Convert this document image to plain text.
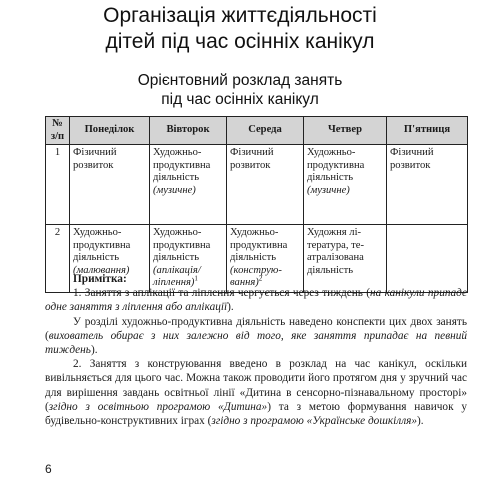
Організація життєдіяльності
дітей під час осінніх канікул
Орієнтовний розклад занять
під час осінніх канікул
№
з/п	Понеділок	Вівторок	Середа	Четвер	П'ятниця
1	Фізичний
розвиток	Художньо-
продуктивна
діяльність
(музичне)	Фізичний
розвиток	Художньо-
продуктивна
діяльність
(музичне)	Фізичний
розвиток

2	Художньо-
продуктивна
діяльність
(малювання)	Художньо-
продуктивна
діяльність
(аплікація/
ліплення)$^1$	Художньо-
продуктивна
діяльність
(конструю-
вання)$^2$	Художня лі-
тература, те-
атралізована
діяльність	

Примітка:

1. Заняття з аплікації та ліплення чергується через тиждень (на канікули припаде одне заняття з ліплення або аплікації).

У розділі художньо-продуктивна діяльність наведено конспекти цих двох занять (вихователь обирає з них залежно від того, яке заняття припадає на певний тиждень).

2. Заняття з конструювання введено в розклад на час канікул, оскільки вивільняється для цього час. Можна також проводити його протягом дня у зручний час для вирішення завдань освітньої лінії «Дитина в сенсорно-пізнавальному просторі» (згідно з освітньою програмою «Дитина») та з метою формування навичок у будівельно-конструктивних іграх (згідно з програмою «Українське дошкілля»).

6
